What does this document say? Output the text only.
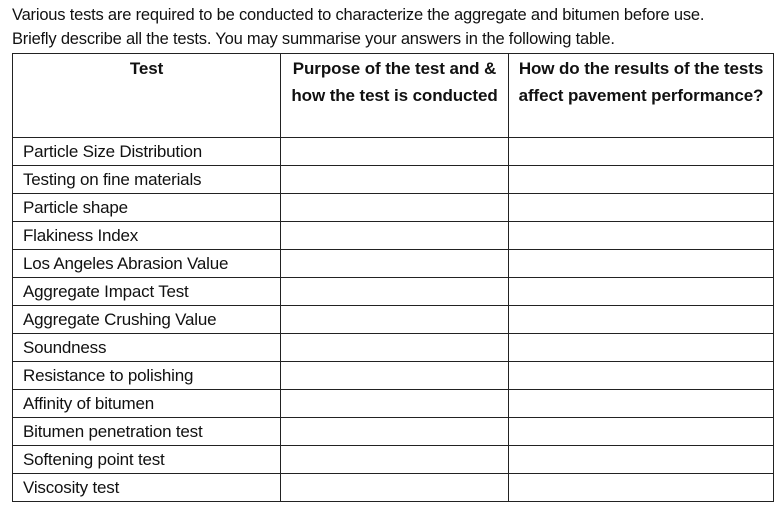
Various tests are required to be conducted to characterize the aggregate and bitumen before use.
Briefly describe all the tests. You may summarise your answers in the following table.
Test	Purpose of the test and & how the test is conducted	How do the results of the tests affect pavement performance?
Particle Size Distribution		
Testing on fine materials		
Particle shape		
Flakiness Index		
Los Angeles Abrasion Value		
Aggregate Impact Test		
Aggregate Crushing Value		
Soundness		
Resistance to polishing		
Affinity of bitumen		
Bitumen penetration test		
Softening point test		
Viscosity test		
